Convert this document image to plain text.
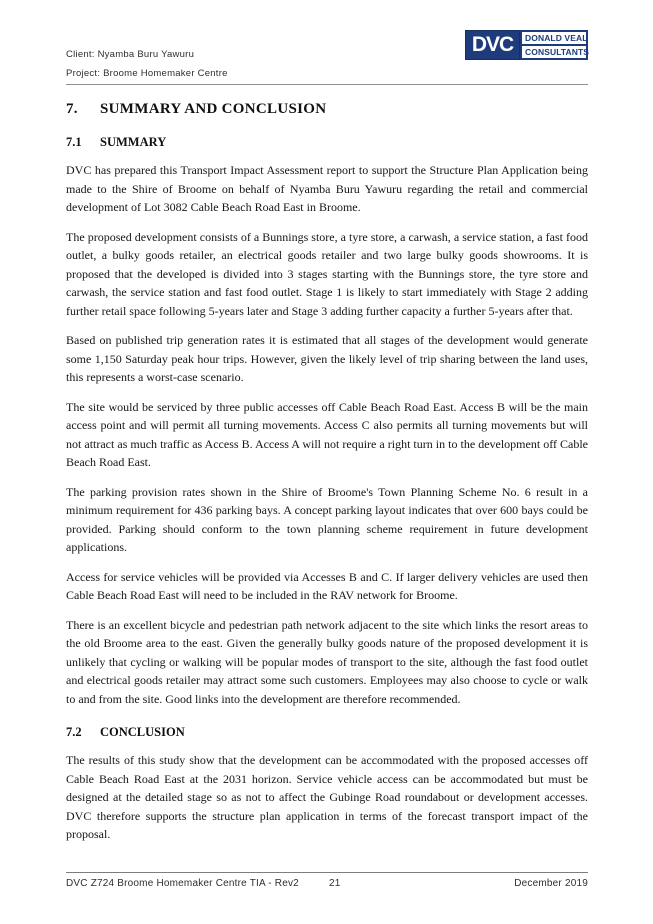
Client: Nyamba Buru Yawuru
Project: Broome Homemaker Centre
DVC	DONALD VEAL
CONSULTANTS
7. SUMMARY AND CONCLUSION
7.1 SUMMARY

DVC has prepared this Transport Impact Assessment report to support the Structure Plan Application being made to the Shire of Broome on behalf of Nyamba Buru Yawuru regarding the retail and commercial development of Lot 3082 Cable Beach Road East in Broome.

The proposed development consists of a Bunnings store, a tyre store, a carwash, a service station, a fast food outlet, a bulky goods retailer, an electrical goods retailer and two large bulky goods showrooms. It is proposed that the developed is divided into 3 stages starting with the Bunnings store, the tyre store and carwash, the service station and fast food outlet. Stage 1 is likely to start immediately with Stage 2 adding further retail space following 5-years later and Stage 3 adding further capacity a further 5-years after that.

Based on published trip generation rates it is estimated that all stages of the development would generate some 1,150 Saturday peak hour trips. However, given the likely level of trip sharing between the land uses, this represents a worst-case scenario.

The site would be serviced by three public accesses off Cable Beach Road East. Access B will be the main access point and will permit all turning movements. Access C also permits all turning movements but will not attract as much traffic as Access B. Access A will not require a right turn in to the development off Cable Beach Road East.

The parking provision rates shown in the Shire of Broome's Town Planning Scheme No. 6 result in a minimum requirement for 436 parking bays. A concept parking layout indicates that over 600 bays could be provided. Parking should conform to the town planning scheme requirement in future development applications.

Access for service vehicles will be provided via Accesses B and C. If larger delivery vehicles are used then Cable Beach Road East will need to be included in the RAV network for Broome.

There is an excellent bicycle and pedestrian path network adjacent to the site which links the resort areas to the old Broome area to the east. Given the generally bulky goods nature of the proposed development it is unlikely that cycling or walking will be popular modes of transport to the site, although the fast food outlet and electrical goods retailer may attract some such customers. Employees may also choose to cycle or walk to and from the site. Good links into the development are therefore recommended.

7.2 CONCLUSION

The results of this study show that the development can be accommodated with the proposed accesses off Cable Beach Road East at the 2031 horizon. Service vehicle access can be accommodated but must be designed at the detailed stage so as not to affect the Gubinge Road roundabout or development accesses. DVC therefore supports the structure plan application in terms of the forecast transport impact of the proposal.

DVC Z724 Broome Homemaker Centre TIA - Rev2	21	December 2019
